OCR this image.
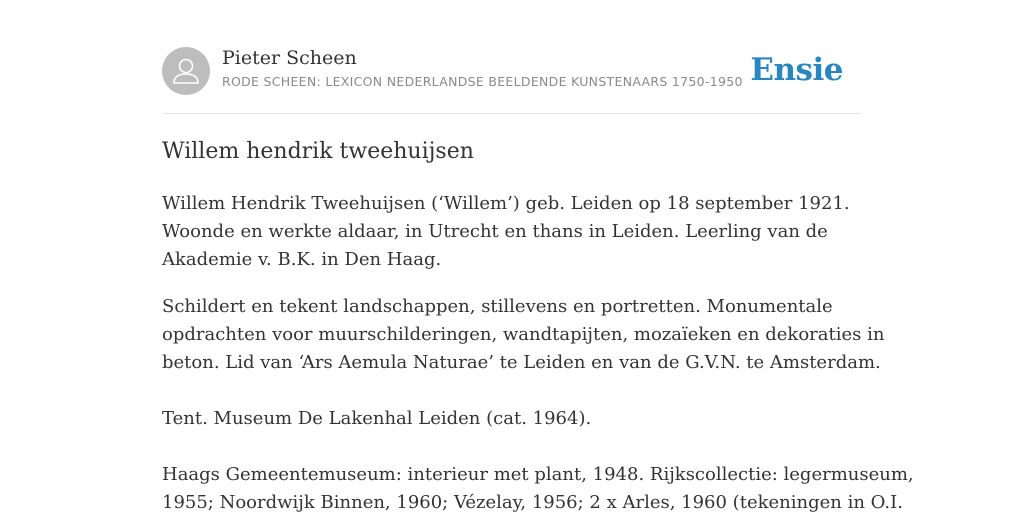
Pieter Scheen
RODE SCHEEN: LEXICON NEDERLANDSE BEELDENDE KUNSTENAARS 1750-1950 Ensie
Willem hendrik tweehuijsen
Willem Hendrik Tweehuijsen (‘Willem’) geb. Leiden op 18 september 1921.
Woonde en werkte aldaar, in Utrecht en thans in Leiden. Leerling van de
Akademie v. B.K. in Den Haag.
Schildert en tekent landschappen, stillevens en portretten. Monumentale
opdrachten voor muurschilderingen, wandtapijten, mozaïeken en dekoraties in
beton. Lid van ‘Ars Aemula Naturae’ te Leiden en van de G.V.N. te Amsterdam.
Tent. Museum De Lakenhal Leiden (cat. 1964).
Haags Gemeentemuseum: interieur met plant, 1948. Rijkscollectie: legermuseum,
1955; Noordwijk Binnen, 1960; Vézelay, 1956; 2 x Arles, 1960 (tekeningen in O.I.
